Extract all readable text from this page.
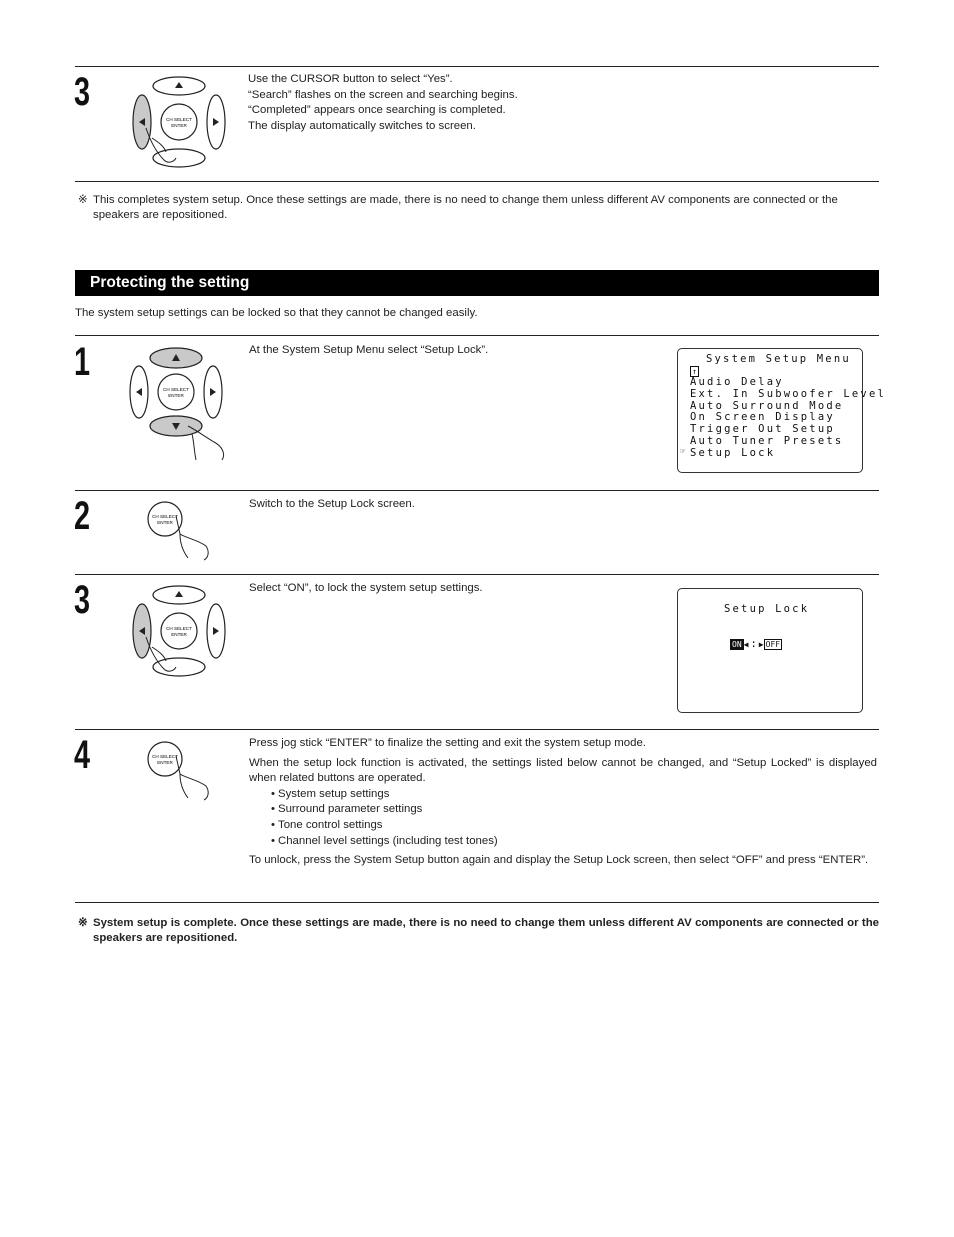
3
CH SELECT
ENTER

Use the CURSOR button to select “Yes”.

“Search” flashes on the screen and searching begins.

“Completed” appears once searching is completed.

The display automatically switches to screen.

※ This completes system setup. Once these settings are made, there is no need to change them unless different AV components are connected or the speakers are repositioned.
Protecting the setting
The system setup settings can be locked so that they cannot be changed easily.
1
CH SELECT
ENTER
At the System Setup Menu select “Setup Lock”.
System Setup Menu
↑
Audio Delay
Ext. In Subwoofer Level
Auto Surround Mode
On Screen Display
Trigger Out Setup
Auto Tuner Presets
Setup Lock
☞
2	CH SELECT
ENTER
Switch to the Setup Lock screen.
3
CH SELECT
ENTER
Select “ON”, to lock the system setup settings.
Setup Lock
ON ◀ : ▶ OFF
4	CH SELECT
ENTER

Press jog stick “ENTER” to finalize the setting and exit the system setup mode.

When the setup lock function is activated, the settings listed below cannot be changed, and “Setup Locked” is displayed when related buttons are operated.

• System setup settings
• Surround parameter settings
• Tone control settings
• Channel level settings (including test tones)

To unlock, press the System Setup button again and display the Setup Lock screen, then select “OFF” and press “ENTER”.

※ System setup is complete. Once these settings are made, there is no need to change them unless different AV components are connected or the speakers are repositioned.
